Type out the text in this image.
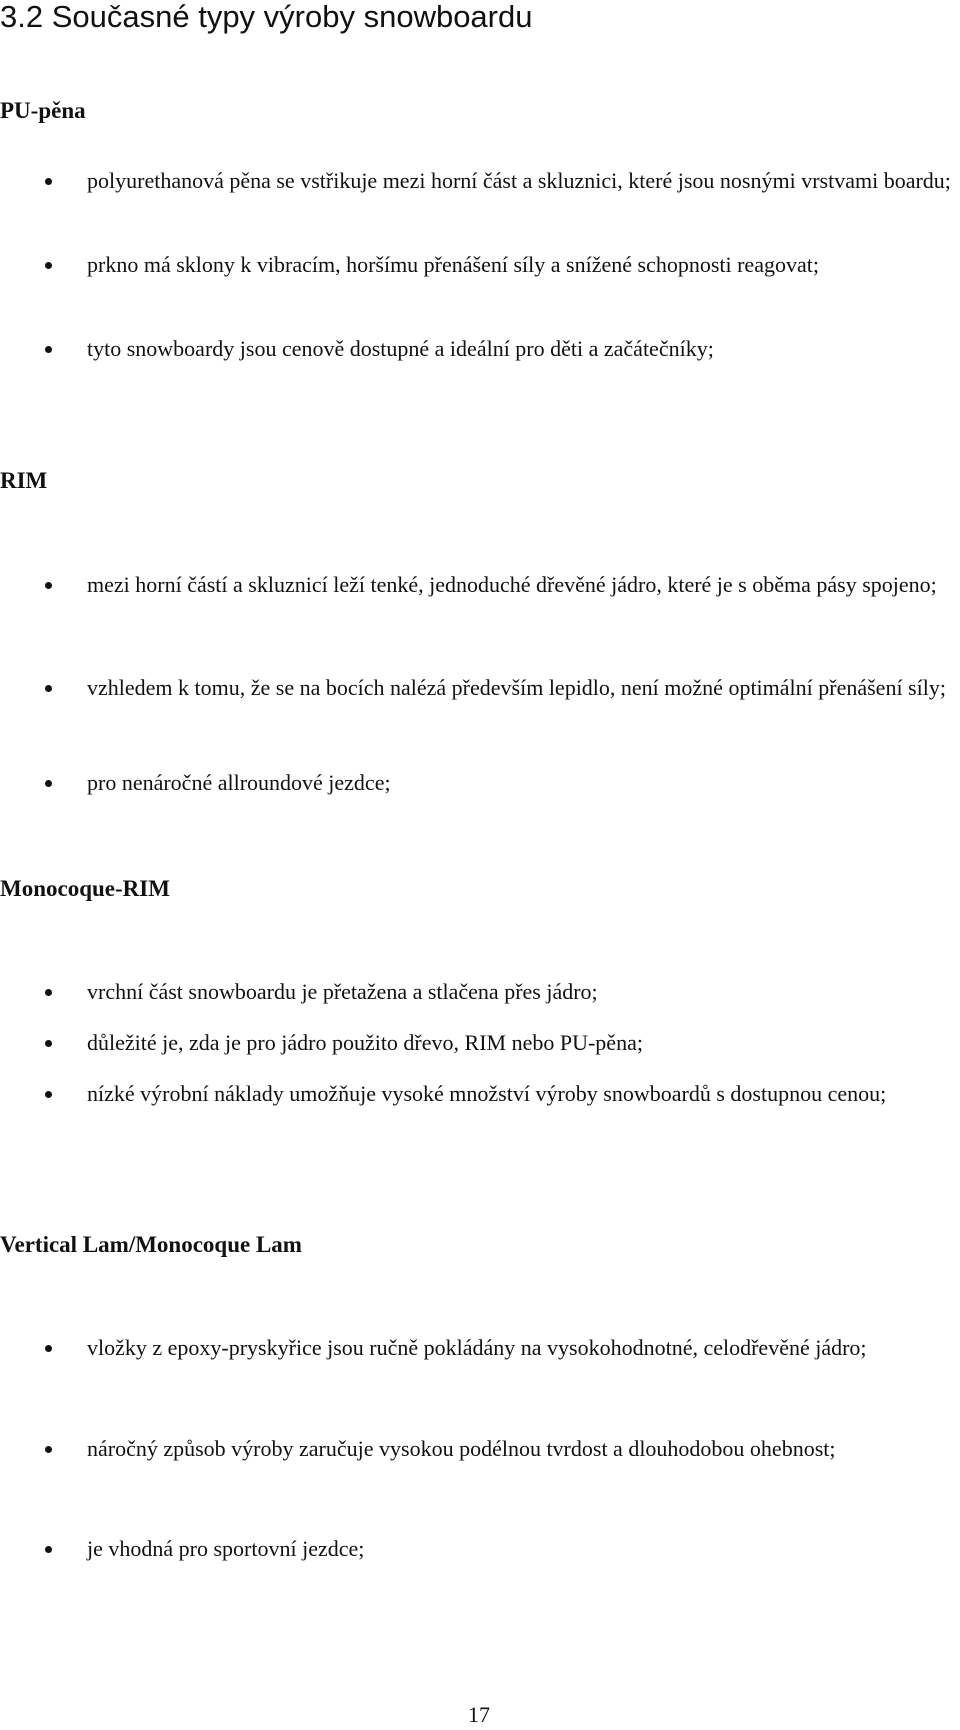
3.2 Současné typy výroby snowboardu
PU-pěna
polyurethanová pěna se vstřikuje mezi horní část a skluznici, které jsou nosnými vrstvami boardu;
prkno má sklony k vibracím, horšímu přenášení síly a snížené schopnosti reagovat;
tyto snowboardy jsou cenově dostupné a ideální pro děti a začátečníky;
RIM
mezi horní částí a skluznicí leží tenké, jednoduché dřevěné jádro, které je s oběma pásy spojeno;
vzhledem k tomu, že se na bocích nalézá především lepidlo, není možné optimální přenášení síly;
pro nenáročné allroundové jezdce;
Monocoque-RIM
vrchní část snowboardu je přetažena a stlačena přes jádro;
důležité je, zda je pro jádro použito dřevo, RIM nebo PU-pěna;
nízké výrobní náklady umožňuje vysoké množství výroby snowboardů s dostupnou cenou;
Vertical Lam/Monocoque Lam
vložky z epoxy-pryskyřice jsou ručně pokládány na vysokohodnotné, celodřevěné jádro;
náročný způsob výroby zaručuje vysokou podélnou tvrdost a dlouhodobou ohebnost;
je vhodná pro sportovní jezdce;
17
